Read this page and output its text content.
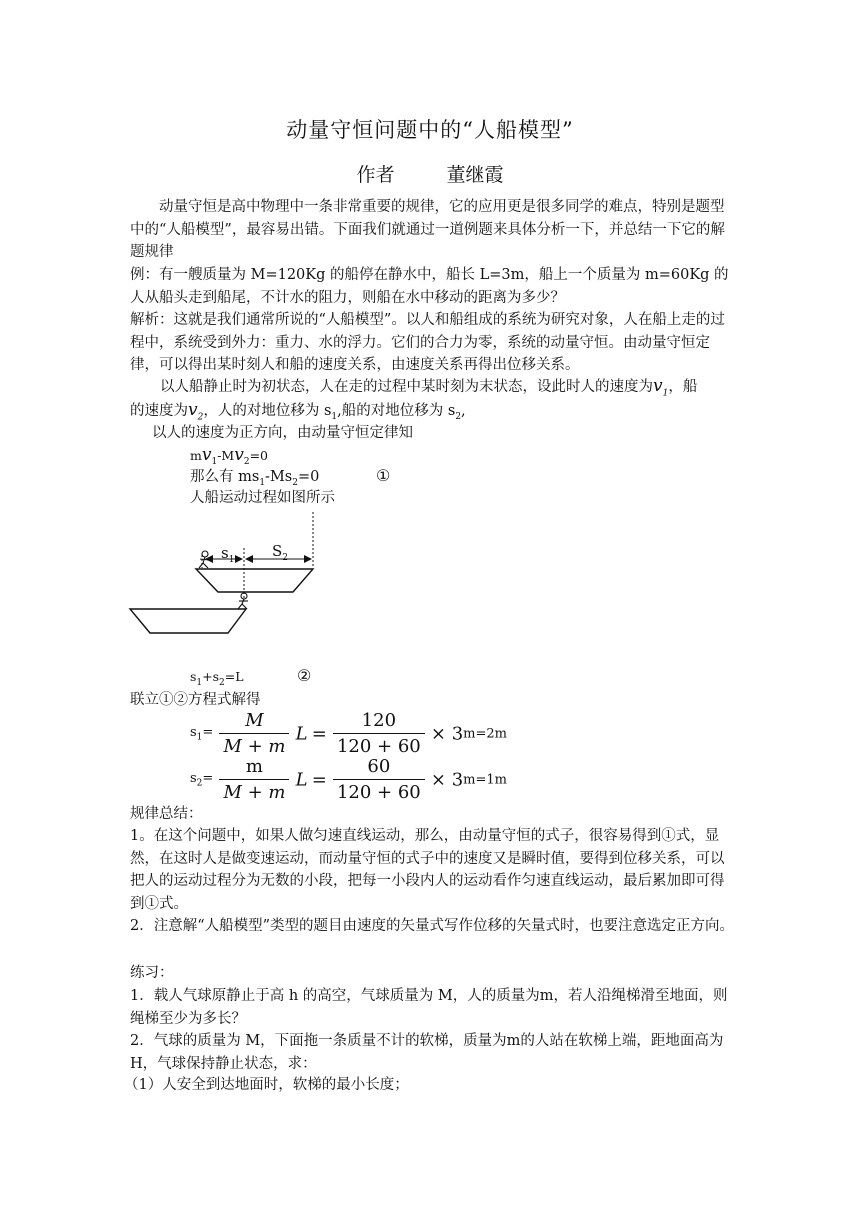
动量守恒问题中的“人船模型”
作者	董继霞

动量守恒是高中物理中一条非常重要的规律，它的应用更是很多同学的难点，特别是题型中的“人船模型”，最容易出错。下面我们就通过一道例题来具体分析一下，并总结一下它的解题规律

例：有一艘质量为 M=120Kg 的船停在静水中，船长 L=3m，船上一个质量为 m=60Kg 的人从船头走到船尾，不计水的阻力，则船在水中移动的距离为多少？

解析：这就是我们通常所说的“人船模型”。以人和船组成的系统为研究对象，人在船上走的过程中，系统受到外力：重力、水的浮力。它们的合力为零，系统的动量守恒。由动量守恒定律，可以得出某时刻人和船的速度关系，由速度关系再得出位移关系。

以人船静止时为初状态，人在走的过程中某时刻为末状态，设此时人的速度为$v_1$，船
的速度为$v_2$，人的对地位移为 $s_1$,船的对地位移为 $s_2$,
以人的速度为正方向，由动量守恒定律知
$mv_1-Mv_2=0$
那么有 $ms_1-Ms_2=0$	①
人船运动过程如图所示
$s_1$	$S_2$
$s_1+s_2=L$	②
联立①②方程式解得
$s_1= \frac{M}{M + m}$ $L = \frac{120}{120 + 60} \times 3m=2m$
$s_2= \frac{m}{M + m}$ $L = \frac{60}{120 + 60} \times 3m=1m$
规律总结：

1。在这个问题中，如果人做匀速直线运动，那么，由动量守恒的式子，很容易得到①式，显然，在这时人是做变速运动，而动量守恒的式子中的速度又是瞬时值，要得到位移关系，可以把人的运动过程分为无数的小段，把每一小段内人的运动看作匀速直线运动，最后累加即可得到①式。

2．注意解“人船模型”类型的题目由速度的矢量式写作位移的矢量式时，也要注意选定正方向。

练习：

1．载人气球原静止于高 h 的高空，气球质量为 M，人的质量为m，若人沿绳梯滑至地面，则绳梯至少为多长？

2．气球的质量为 M，下面拖一条质量不计的软梯，质量为m的人站在软梯上端，距地面高为 H，气球保持静止状态，求：

（1）人安全到达地面时，软梯的最小长度；
